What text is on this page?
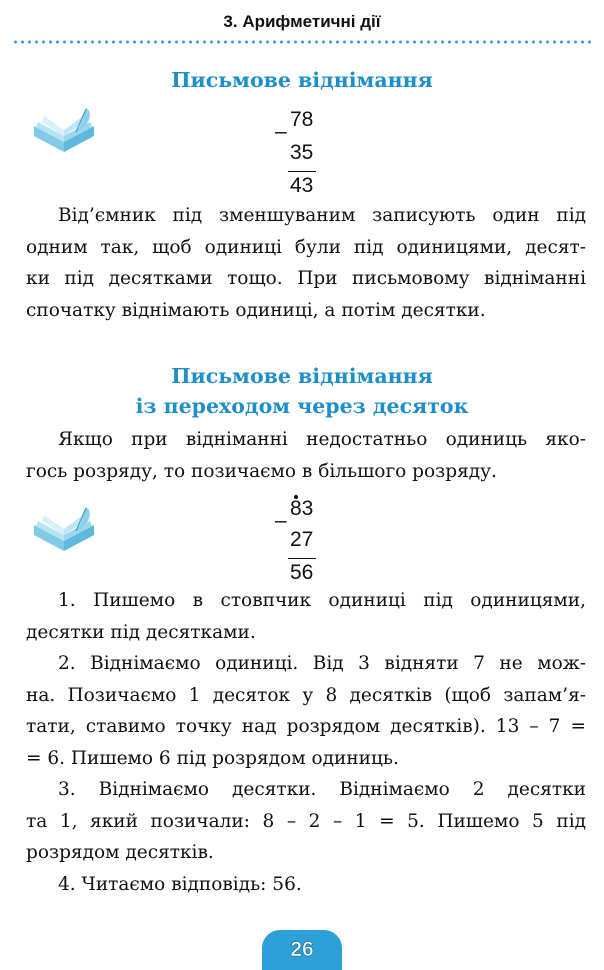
3. Арифметичні дії
Письмове віднімання
–
78
35
43
Від’ємник під зменшуваним записують один під
одним так, щоб одиниці були під одиницями, десят-
ки під десятками тощо. При письмовому відніманні
спочатку віднімають одиниці, а потім десятки.
Письмове віднімання
із переходом через десяток
Якщо при відніманні недостатньо одиниць яко-
гось розряду, то позичаємо в більшого розряду.
–
83
27
56
1. Пишемо в стовпчик одиниці під одиницями,
десятки під десятками.
2. Віднімаємо одиниці. Від 3 відняти 7 не мож-
на. Позичаємо 1 десяток у 8 десятків (щоб запам’я-
тати, ставимо точку над розрядом десятків). 13 – 7 =
= 6. Пишемо 6 під розрядом одиниць.
3. Віднімаємо десятки. Віднімаємо 2 десятки
та 1, який позичали: 8 – 2 – 1 = 5. Пишемо 5 під
розрядом десятків.
4. Читаємо відповідь: 56.
26
